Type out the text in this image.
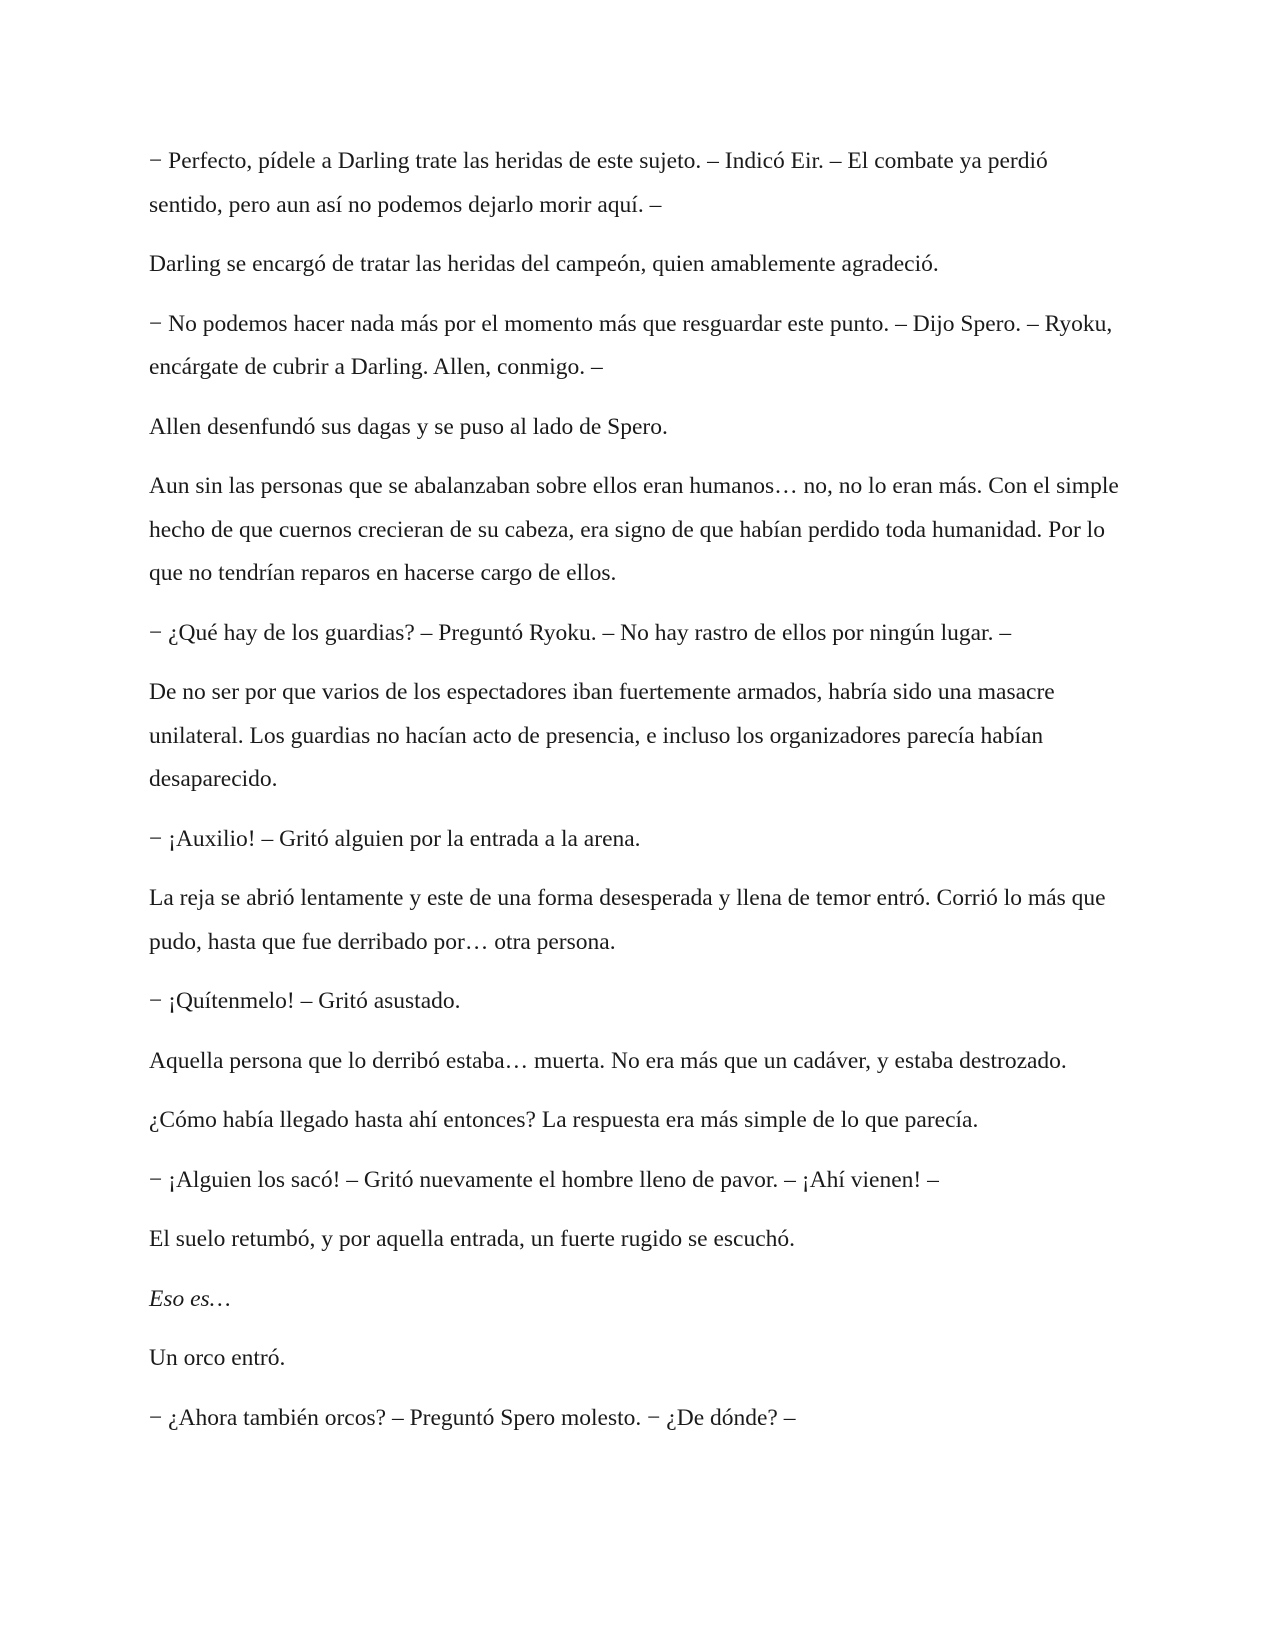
− Perfecto, pídele a Darling trate las heridas de este sujeto. – Indicó Eir. – El combate ya perdió sentido, pero aun así no podemos dejarlo morir aquí. –

Darling se encargó de tratar las heridas del campeón, quien amablemente agradeció.

− No podemos hacer nada más por el momento más que resguardar este punto. – Dijo Spero. – Ryoku, encárgate de cubrir a Darling. Allen, conmigo. –

Allen desenfundó sus dagas y se puso al lado de Spero.

Aun sin las personas que se abalanzaban sobre ellos eran humanos… no, no lo eran más. Con el simple hecho de que cuernos crecieran de su cabeza, era signo de que habían perdido toda humanidad. Por lo que no tendrían reparos en hacerse cargo de ellos.

− ¿Qué hay de los guardias? – Preguntó Ryoku. – No hay rastro de ellos por ningún lugar. –

De no ser por que varios de los espectadores iban fuertemente armados, habría sido una masacre unilateral. Los guardias no hacían acto de presencia, e incluso los organizadores parecía habían desaparecido.

− ¡Auxilio! – Gritó alguien por la entrada a la arena.

La reja se abrió lentamente y este de una forma desesperada y llena de temor entró. Corrió lo más que pudo, hasta que fue derribado por… otra persona.

− ¡Quítenmelo! – Gritó asustado.

Aquella persona que lo derribó estaba… muerta. No era más que un cadáver, y estaba destrozado.

¿Cómo había llegado hasta ahí entonces? La respuesta era más simple de lo que parecía.

− ¡Alguien los sacó! – Gritó nuevamente el hombre lleno de pavor. – ¡Ahí vienen! –

El suelo retumbó, y por aquella entrada, un fuerte rugido se escuchó.

Eso es…

Un orco entró.

− ¿Ahora también orcos? – Preguntó Spero molesto. − ¿De dónde? –
